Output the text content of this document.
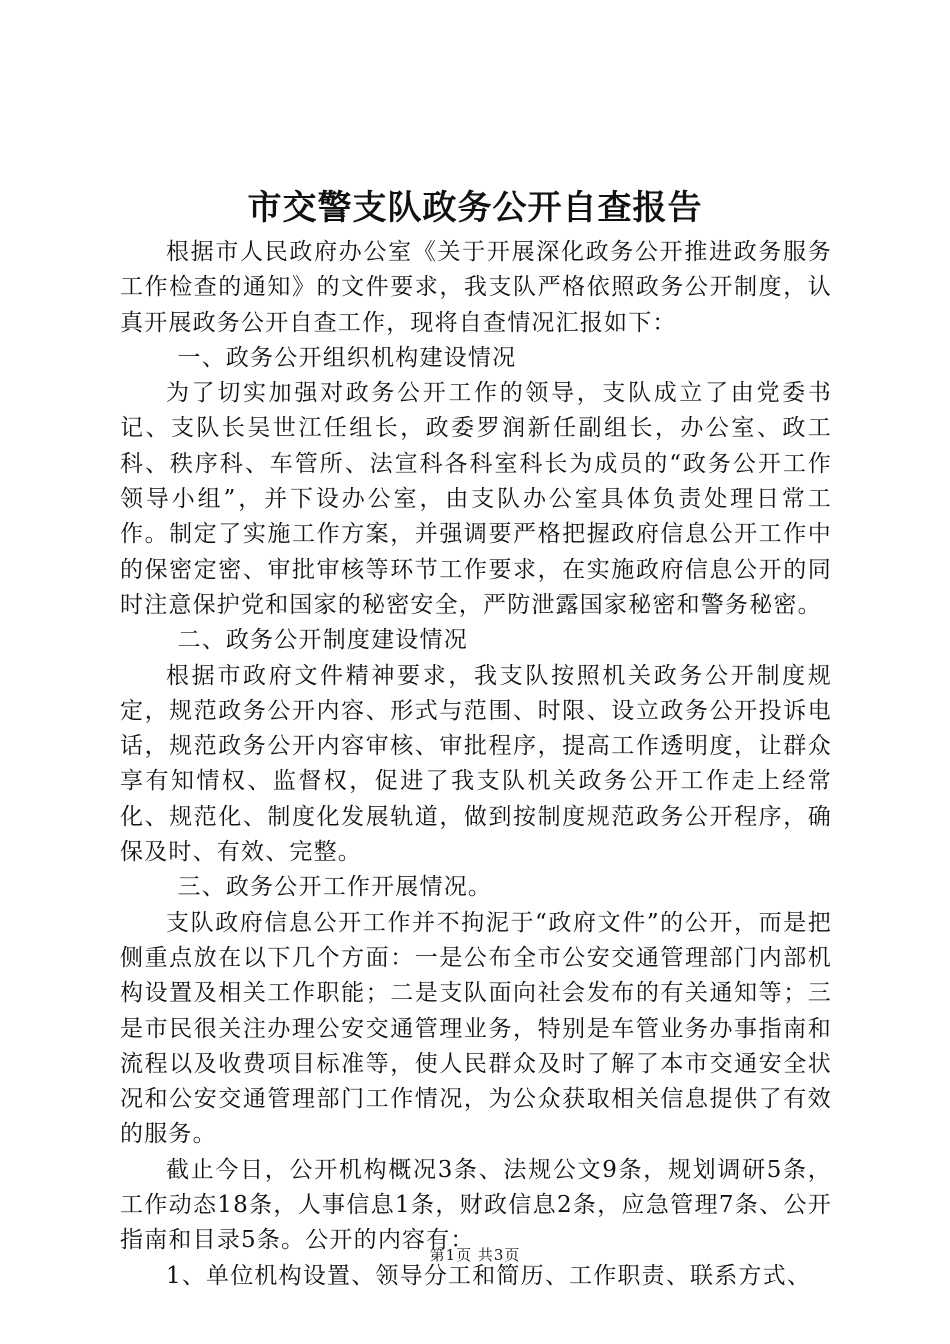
市交警支队政务公开自查报告

根据市人民政府办公室《关于开展深化政务公开推进政务服务工作检查的通知》的文件要求，我支队严格依照政务公开制度，认真开展政务公开自查工作，现将自查情况汇报如下：

一、政务公开组织机构建设情况

为了切实加强对政务公开工作的领导，支队成立了由党委书记、支队长吴世江任组长，政委罗润新任副组长，办公室、政工科、秩序科、车管所、法宣科各科室科长为成员的“政务公开工作领导小组”，并下设办公室，由支队办公室具体负责处理日常工作。制定了实施工作方案，并强调要严格把握政府信息公开工作中的保密定密、审批审核等环节工作要求，在实施政府信息公开的同时注意保护党和国家的秘密安全，严防泄露国家秘密和警务秘密。

二、政务公开制度建设情况

根据市政府文件精神要求，我支队按照机关政务公开制度规定，规范政务公开内容、形式与范围、时限、设立政务公开投诉电话，规范政务公开内容审核、审批程序，提高工作透明度，让群众享有知情权、监督权，促进了我支队机关政务公开工作走上经常化、规范化、制度化发展轨道，做到按制度规范政务公开程序，确保及时、有效、完整。

三、政务公开工作开展情况。

支队政府信息公开工作并不拘泥于“政府文件”的公开，而是把侧重点放在以下几个方面：一是公布全市公安交通管理部门内部机构设置及相关工作职能；二是支队面向社会发布的有关通知等；三是市民很关注办理公安交通管理业务，特别是车管业务办事指南和流程以及收费项目标准等，使人民群众及时了解了本市交通安全状况和公安交通管理部门工作情况，为公众获取相关信息提供了有效的服务。

截止今日，公开机构概况3条、法规公文9条，规划调研5条，工作动态18条，人事信息1条，财政信息2条，应急管理7条、公开指南和目录5条。公开的内容有：

1、单位机构设置、领导分工和简历、工作职责、联系方式、

第1页 共3页
